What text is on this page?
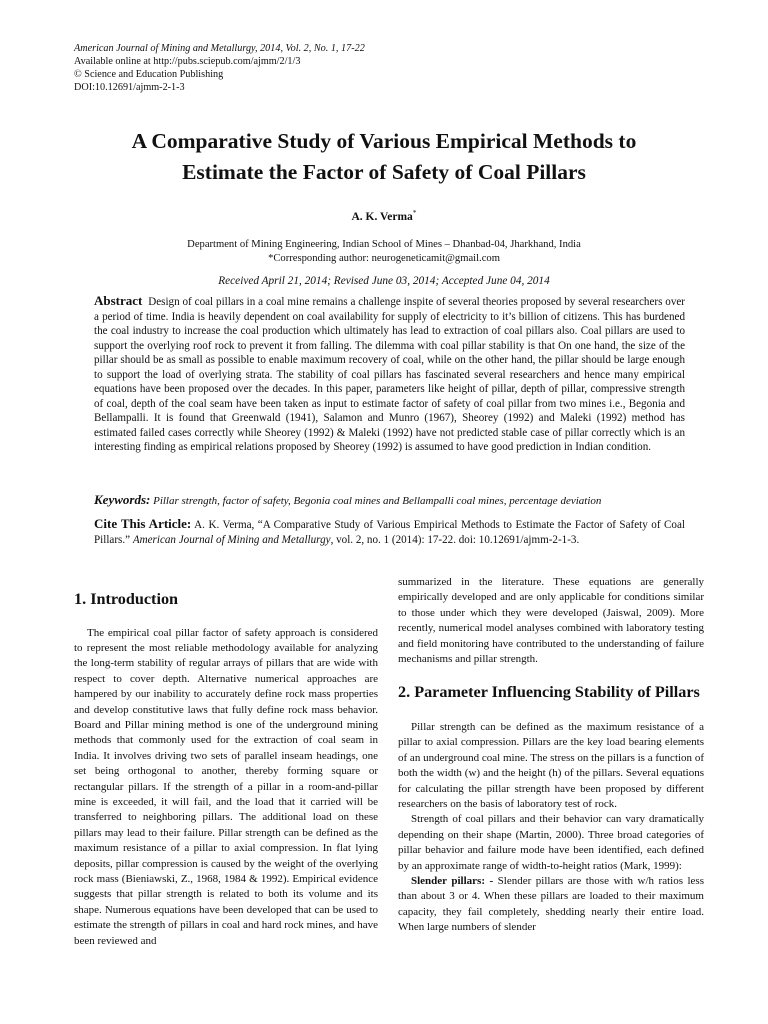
American Journal of Mining and Metallurgy, 2014, Vol. 2, No. 1, 17-22
Available online at http://pubs.sciepub.com/ajmm/2/1/3
© Science and Education Publishing
DOI:10.12691/ajmm-2-1-3
A Comparative Study of Various Empirical Methods to
Estimate the Factor of Safety of Coal Pillars
A. K. Verma*
Department of Mining Engineering, Indian School of Mines – Dhanbad-04, Jharkhand, India
*Corresponding author: neurogeneticamit@gmail.com
Received April 21, 2014; Revised June 03, 2014; Accepted June 04, 2014
Abstract Design of coal pillars in a coal mine remains a challenge inspite of several theories proposed by several researchers over a period of time. India is heavily dependent on coal availability for supply of electricity to it’s billion of citizens. This has burdened the coal industry to increase the coal production which ultimately has lead to extraction of coal pillars also. Coal pillars are used to support the overlying roof rock to prevent it from falling. The dilemma with coal pillar stability is that On one hand, the size of the pillar should be as small as possible to enable maximum recovery of coal, while on the other hand, the pillar should be large enough to support the load of overlying strata. The stability of coal pillars has fascinated several researchers and hence many empirical equations have been proposed over the decades. In this paper, parameters like height of pillar, depth of pillar, compressive strength of coal, depth of the coal seam have been taken as input to estimate factor of safety of coal pillar from two mines i.e., Begonia and Bellampalli. It is found that Greenwald (1941), Salamon and Munro (1967), Sheorey (1992) and Maleki (1992) method has estimated failed cases correctly while Sheorey (1992) & Maleki (1992) have not predicted stable case of pillar correctly which is an interesting finding as empirical relations proposed by Sheorey (1992) is assumed to have good prediction in Indian condition.
Keywords: Pillar strength, factor of safety, Begonia coal mines and Bellampalli coal mines, percentage deviation
Cite This Article: A. K. Verma, “A Comparative Study of Various Empirical Methods to Estimate the Factor of Safety of Coal Pillars.” American Journal of Mining and Metallurgy, vol. 2, no. 1 (2014): 17-22. doi: 10.12691/ajmm-2-1-3.
1. Introduction

The empirical coal pillar factor of safety approach is considered to represent the most reliable methodology available for analyzing the long-term stability of regular arrays of pillars that are wide with respect to cover depth. Alternative numerical approaches are hampered by our inability to accurately define rock mass properties and develop constitutive laws that fully define rock mass behavior. Board and Pillar mining method is one of the underground mining methods that commonly used for the extraction of coal seam in India. It involves driving two sets of parallel inseam headings, one set being orthogonal to another, thereby forming square or rectangular pillars. If the strength of a pillar in a room-and-pillar mine is exceeded, it will fail, and the load that it carried will be transferred to neighboring pillars. The additional load on these pillars may lead to their failure. Pillar strength can be defined as the maximum resistance of a pillar to axial compression. In flat lying deposits, pillar compression is caused by the weight of the overlying rock mass (Bieniawski, Z., 1968, 1984 & 1992). Empirical evidence suggests that pillar strength is related to both its volume and its shape. Numerous equations have been developed that can be used to estimate the strength of pillars in coal and hard rock mines, and have been reviewed and

summarized in the literature. These equations are generally empirically developed and are only applicable for conditions similar to those under which they were developed (Jaiswal, 2009). More recently, numerical model analyses combined with laboratory testing and field monitoring have contributed to the understanding of failure mechanisms and pillar strength.

2. Parameter Influencing Stability of Pillars

Pillar strength can be defined as the maximum resistance of a pillar to axial compression. Pillars are the key load bearing elements of an underground coal mine. The stress on the pillars is a function of both the width (w) and the height (h) of the pillars. Several equations for calculating the pillar strength have been proposed by different researchers on the basis of laboratory test of rock.

Strength of coal pillars and their behavior can vary dramatically depending on their shape (Martin, 2000). Three broad categories of pillar behavior and failure mode have been identified, each defined by an approximate range of width-to-height ratios (Mark, 1999):

Slender pillars: - Slender pillars are those with w/h ratios less than about 3 or 4. When these pillars are loaded to their maximum capacity, they fail completely, shedding nearly their entire load. When large numbers of slender
